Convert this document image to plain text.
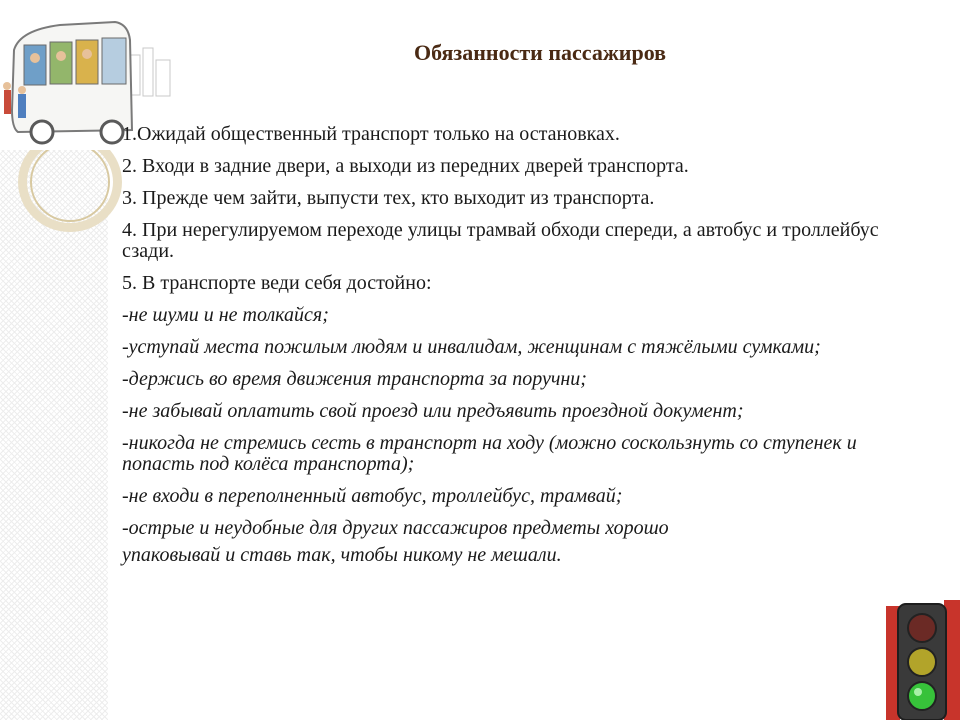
Обязанности пассажиров

1.Ожидай общественный транспорт только на остановках.

2. Входи в задние двери, а выходи из передних дверей транспорта.

3. Прежде чем зайти, выпусти тех, кто выходит из транспорта.

4. При нерегулируемом переходе улицы трамвай обходи спереди, а автобус и троллейбус сзади.

5. В транспорте веди себя достойно:

-не шуми и не толкайся;

-уступай места пожилым людям и инвалидам, женщинам с тяжёлыми сумками;

-держись во время движения транспорта за поручни;

-не забывай оплатить свой проезд или предъявить проездной документ;

-никогда не стремись сесть в транспорт на ходу (можно соскользнуть со ступенек и попасть под колёса транспорта);

-не входи в переполненный автобус, троллейбус, трамвай;

-острые и неудобные для других пассажиров предметы хорошо

упаковывай и ставь так, чтобы никому не мешали.
